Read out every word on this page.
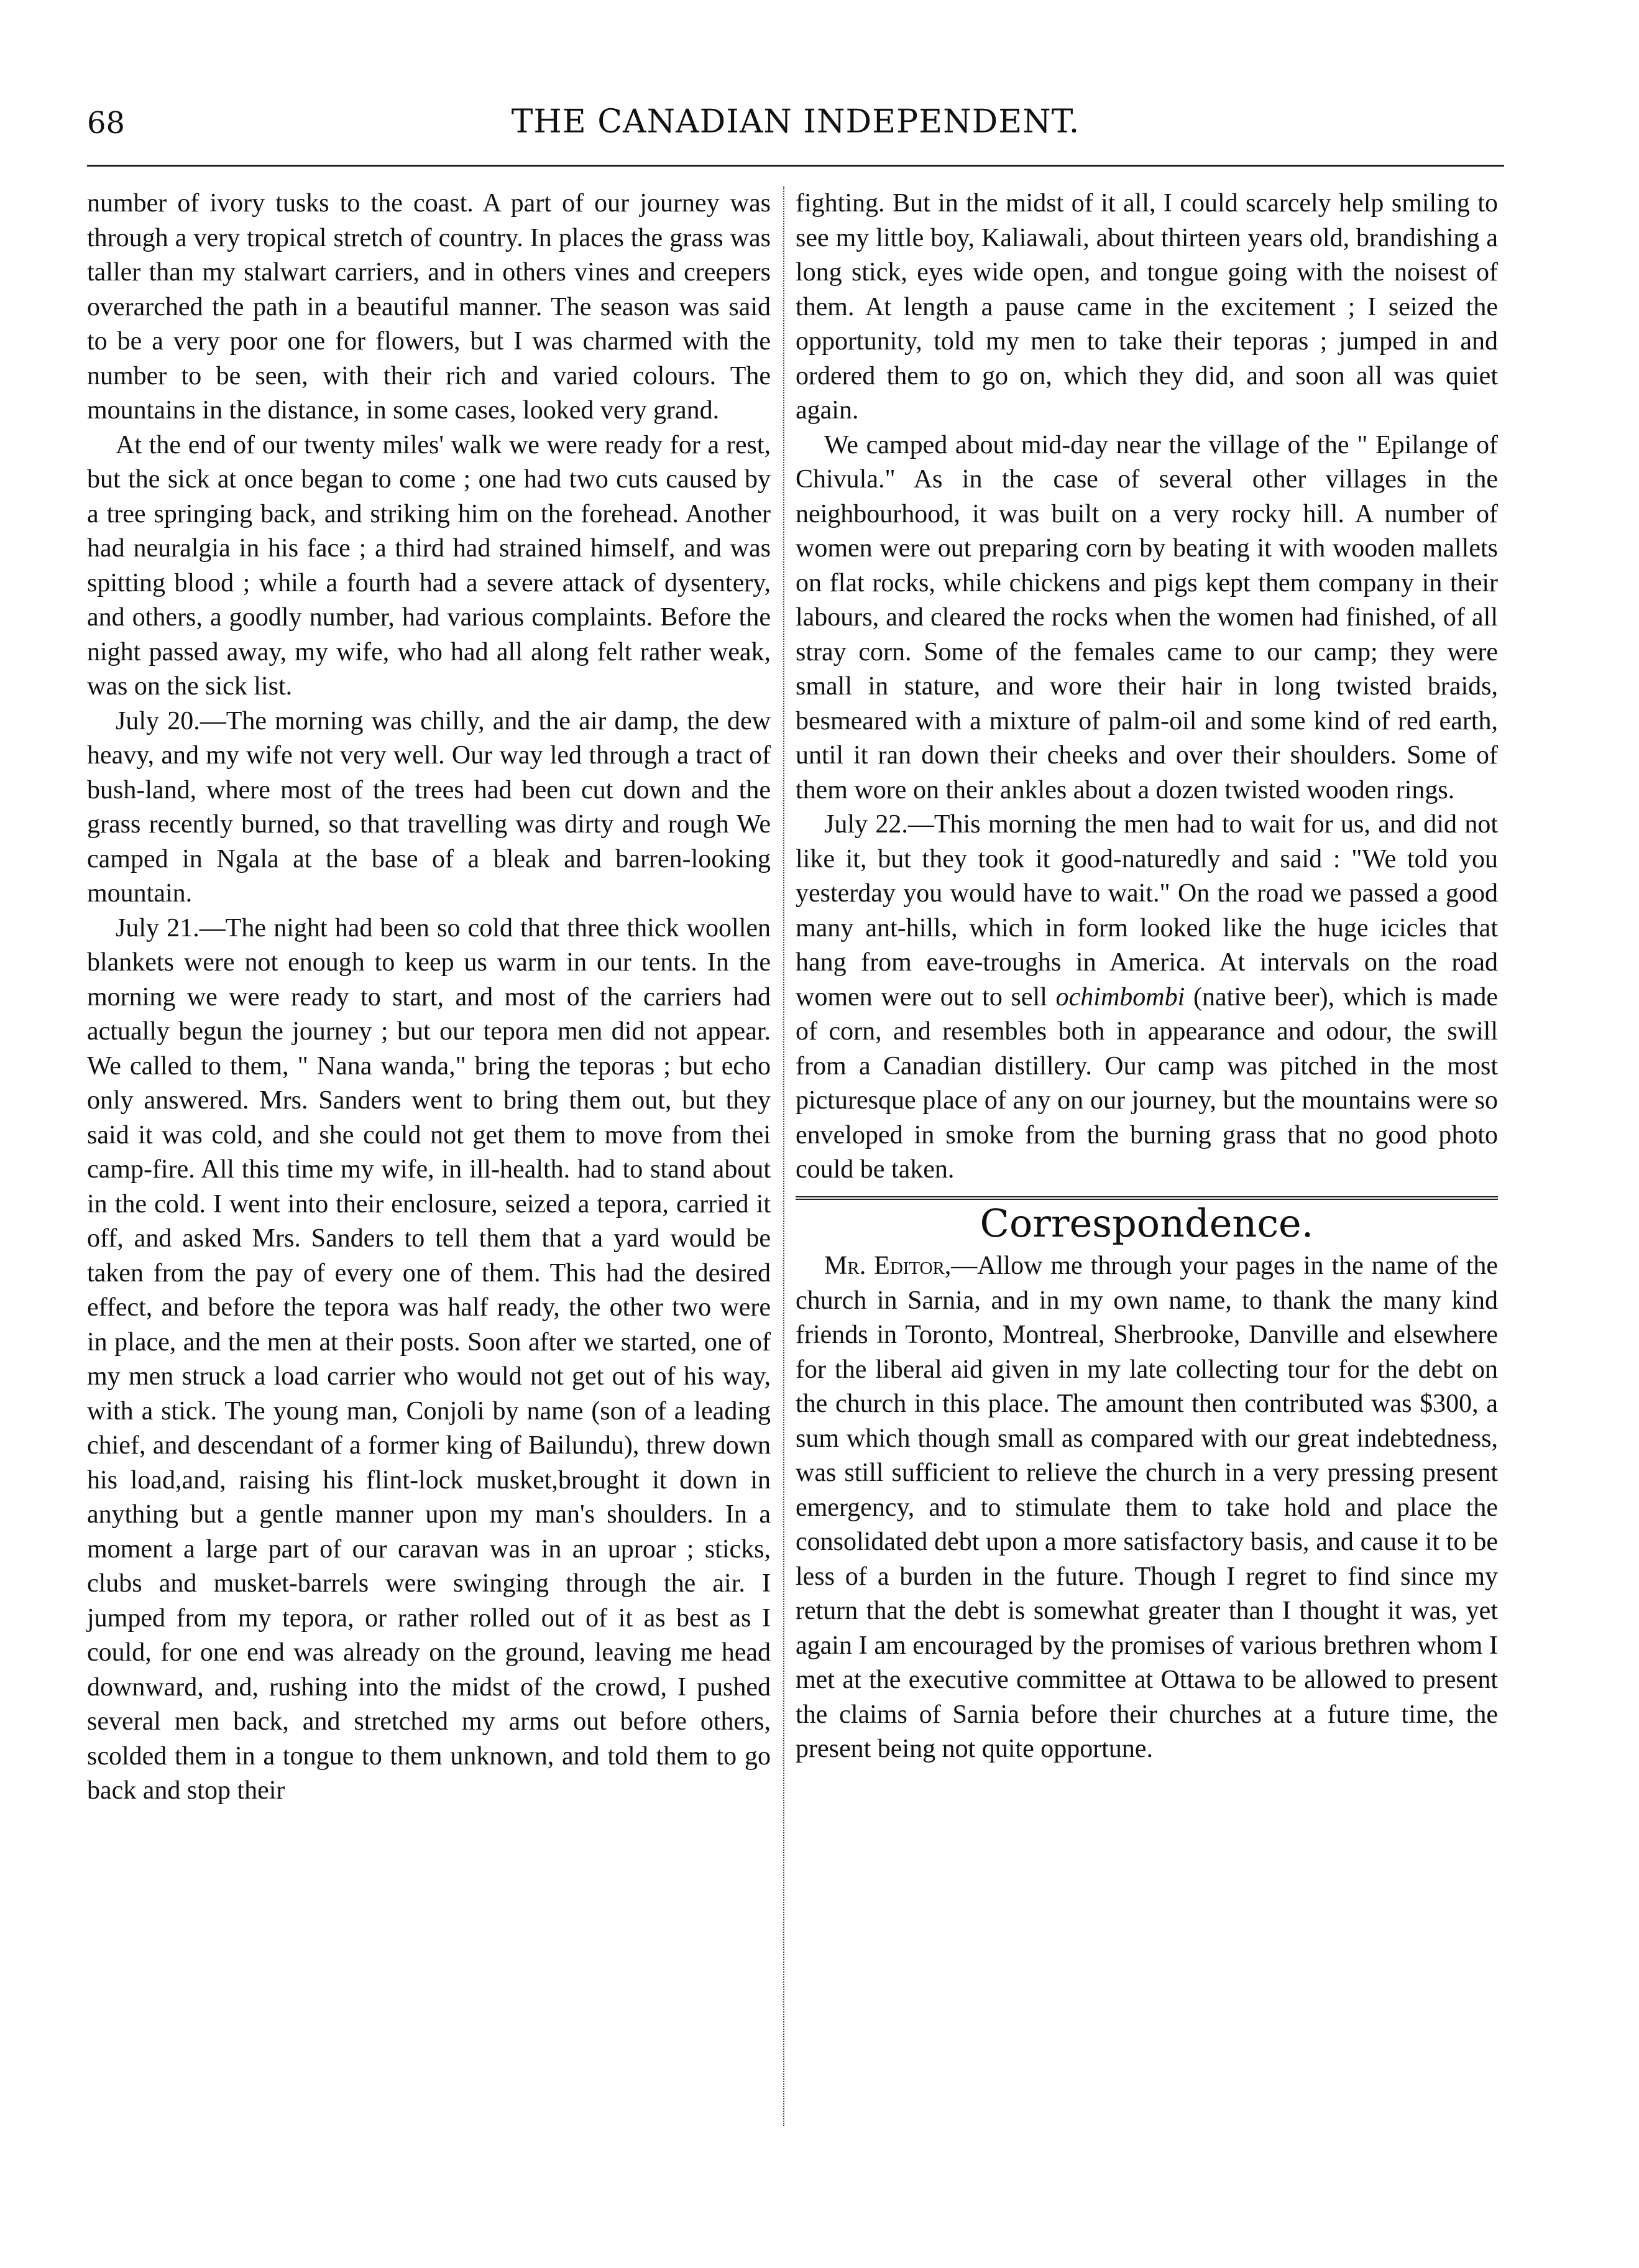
68	THE CANADIAN INDEPENDENT.

number of ivory tusks to the coast. A part of our journey was through a very tropical stretch of country. In places the grass was taller than my stalwart carriers, and in others vines and creepers overarched the path in a beautiful manner. The season was said to be a very poor one for flowers, but I was charmed with the number to be seen, with their rich and varied colours. The mountains in the distance, in some cases, looked very grand.

At the end of our twenty miles' walk we were ready for a rest, but the sick at once began to come ; one had two cuts caused by a tree springing back, and striking him on the forehead. Another had neuralgia in his face ; a third had strained himself, and was spitting blood ; while a fourth had a severe attack of dysentery, and others, a goodly number, had various complaints. Before the night passed away, my wife, who had all along felt rather weak, was on the sick list.

July 20.—The morning was chilly, and the air damp, the dew heavy, and my wife not very well. Our way led through a tract of bush-land, where most of the trees had been cut down and the grass recently burned, so that travelling was dirty and rough We camped in Ngala at the base of a bleak and barren-looking mountain.

July 21.—The night had been so cold that three thick woollen blankets were not enough to keep us warm in our tents. In the morning we were ready to start, and most of the carriers had actually begun the journey ; but our tepora men did not appear. We called to them, " Nana wanda," bring the teporas ; but echo only answered. Mrs. Sanders went to bring them out, but they said it was cold, and she could not get them to move from thei camp-fire. All this time my wife, in ill-health. had to stand about in the cold. I went into their enclosure, seized a tepora, carried it off, and asked Mrs. Sanders to tell them that a yard would be taken from the pay of every one of them. This had the desired effect, and before the tepora was half ready, the other two were in place, and the men at their posts. Soon after we started, one of my men struck a load carrier who would not get out of his way, with a stick. The young man, Conjoli by name (son of a leading chief, and descendant of a former king of Bailundu), threw down his load,and, raising his flint-lock musket,brought it down in anything but a gentle manner upon my man's shoulders. In a moment a large part of our caravan was in an uproar ; sticks, clubs and musket-barrels were swinging through the air. I jumped from my tepora, or rather rolled out of it as best as I could, for one end was already on the ground, leaving me head downward, and, rushing into the midst of the crowd, I pushed several men back, and stretched my arms out before others, scolded them in a tongue to them unknown, and told them to go back and stop their

fighting. But in the midst of it all, I could scarcely help smiling to see my little boy, Kaliawali, about thirteen years old, brandishing a long stick, eyes wide open, and tongue going with the noisest of them. At length a pause came in the excitement ; I seized the opportunity, told my men to take their teporas ; jumped in and ordered them to go on, which they did, and soon all was quiet again.

We camped about mid-day near the village of the " Epilange of Chivula." As in the case of several other villages in the neighbourhood, it was built on a very rocky hill. A number of women were out preparing corn by beating it with wooden mallets on flat rocks, while chickens and pigs kept them company in their labours, and cleared the rocks when the women had finished, of all stray corn. Some of the females came to our camp; they were small in stature, and wore their hair in long twisted braids, besmeared with a mixture of palm-oil and some kind of red earth, until it ran down their cheeks and over their shoulders. Some of them wore on their ankles about a dozen twisted wooden rings.

July 22.—This morning the men had to wait for us, and did not like it, but they took it good-naturedly and said : "We told you yesterday you would have to wait." On the road we passed a good many ant-hills, which in form looked like the huge icicles that hang from eave-troughs in America. At intervals on the road women were out to sell ochimbombi (native beer), which is made of corn, and resembles both in appearance and odour, the swill from a Canadian distillery. Our camp was pitched in the most picturesque place of any on our journey, but the mountains were so enveloped in smoke from the burning grass that no good photo could be taken.

Correspondence.

Mr. Editor,—Allow me through your pages in the name of the church in Sarnia, and in my own name, to thank the many kind friends in Toronto, Montreal, Sherbrooke, Danville and elsewhere for the liberal aid given in my late collecting tour for the debt on the church in this place. The amount then contributed was $300, a sum which though small as compared with our great indebtedness, was still sufficient to relieve the church in a very pressing present emergency, and to stimulate them to take hold and place the consolidated debt upon a more satisfactory basis, and cause it to be less of a burden in the future. Though I regret to find since my return that the debt is somewhat greater than I thought it was, yet again I am encouraged by the promises of various brethren whom I met at the executive committee at Ottawa to be allowed to present the claims of Sarnia before their churches at a future time, the present being not quite opportune.
